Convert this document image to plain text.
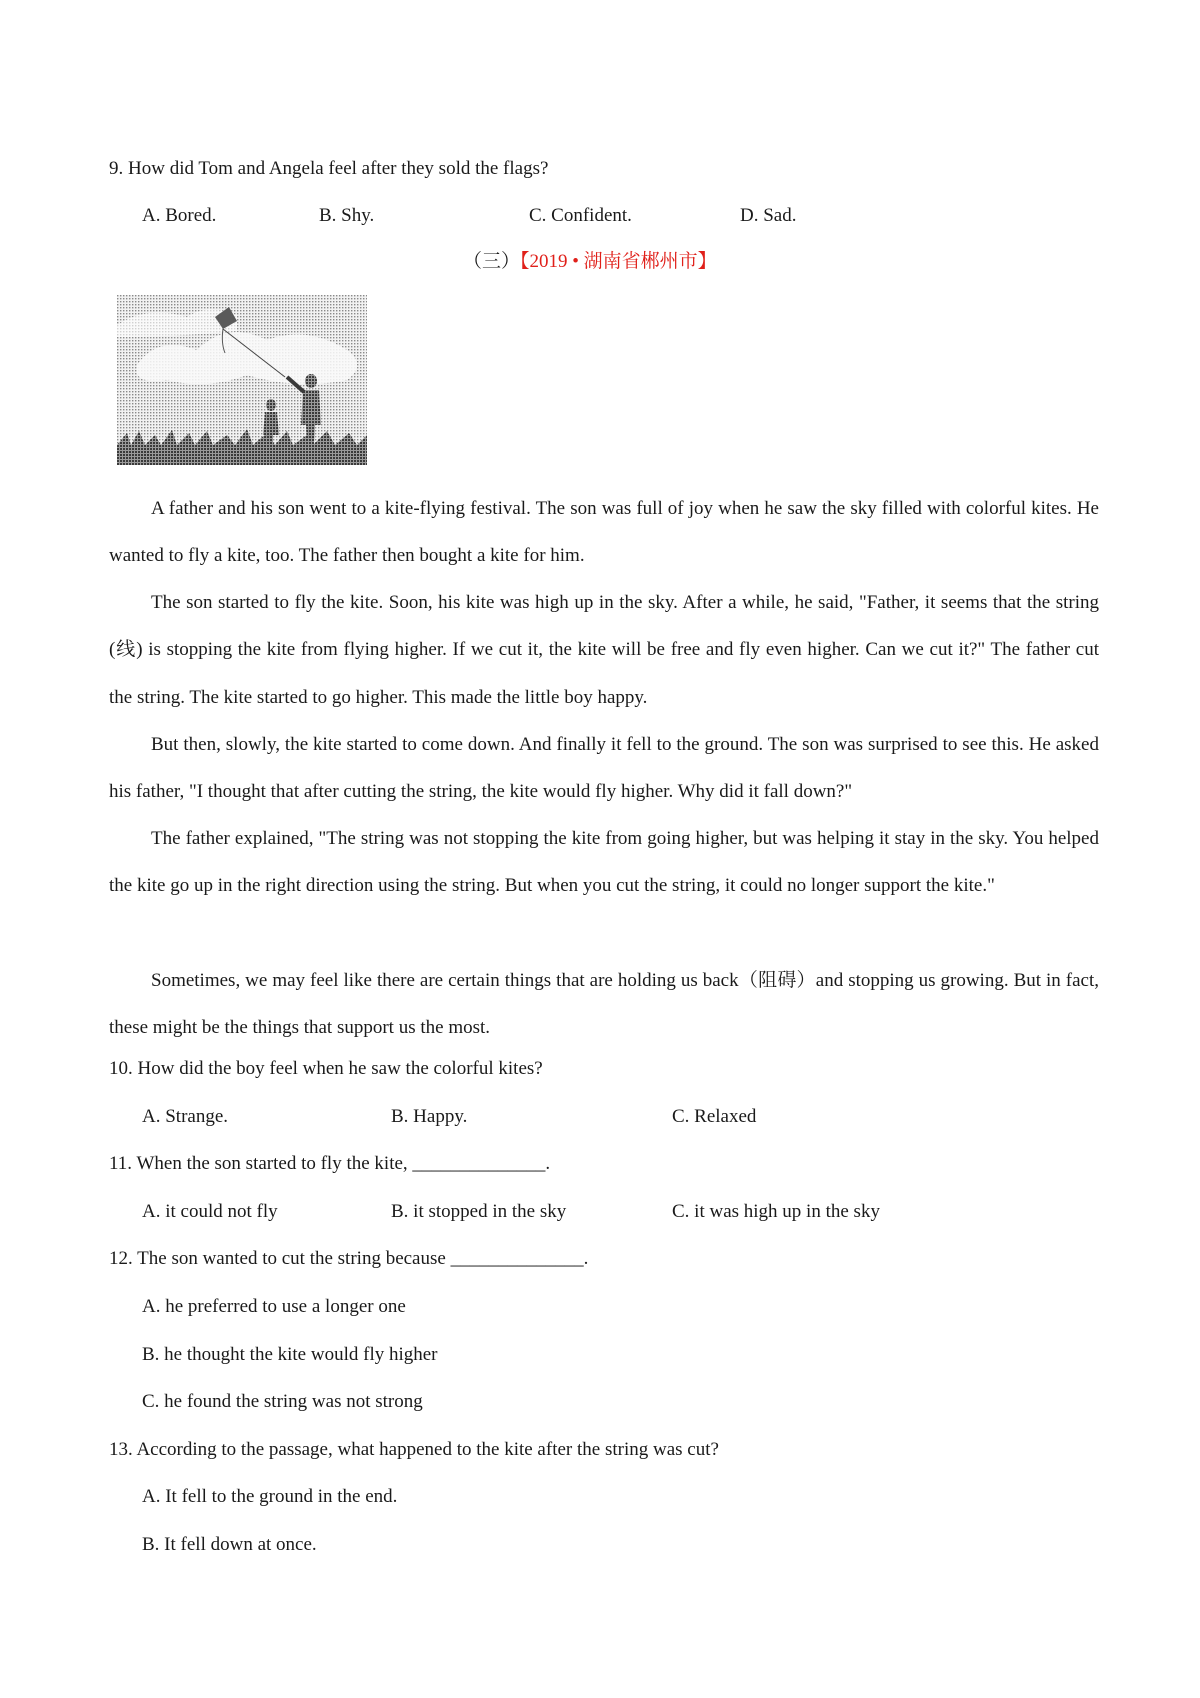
9. How did Tom and Angela feel after they sold the flags?
A. Bored.	B. Shy.	C. Confident.	D. Sad.
（三）【2019 • 湖南省郴州市】
A father and his son went to a kite-flying festival. The son was full of joy when he saw the sky filled with colorful kites. He wanted to fly a kite, too. The father then bought a kite for him.
The son started to fly the kite. Soon, his kite was high up in the sky. After a while, he said, "Father, it seems that the string (线) is stopping the kite from flying higher. If we cut it, the kite will be free and fly even higher. Can we cut it?" The father cut the string. The kite started to go higher. This made the little boy happy.
But then, slowly, the kite started to come down. And finally it fell to the ground. The son was surprised to see this. He asked his father, "I thought that after cutting the string, the kite would fly higher. Why did it fall down?"
The father explained, "The string was not stopping the kite from going higher, but was helping it stay in the sky. You helped the kite go up in the right direction using the string. But when you cut the string, it could no longer support the kite."
Sometimes, we may feel like there are certain things that are holding us back（阻碍）and stopping us growing. But in fact, these might be the things that support us the most.
10. How did the boy feel when he saw the colorful kites?
A. Strange.	B. Happy.	C. Relaxed
11. When the son started to fly the kite, ______________.
A. it could not fly	B. it stopped in the sky	C. it was high up in the sky
12. The son wanted to cut the string because ______________.
A. he preferred to use a longer one
B. he thought the kite would fly higher
C. he found the string was not strong
13. According to the passage, what happened to the kite after the string was cut?
A. It fell to the ground in the end.
B. It fell down at once.
